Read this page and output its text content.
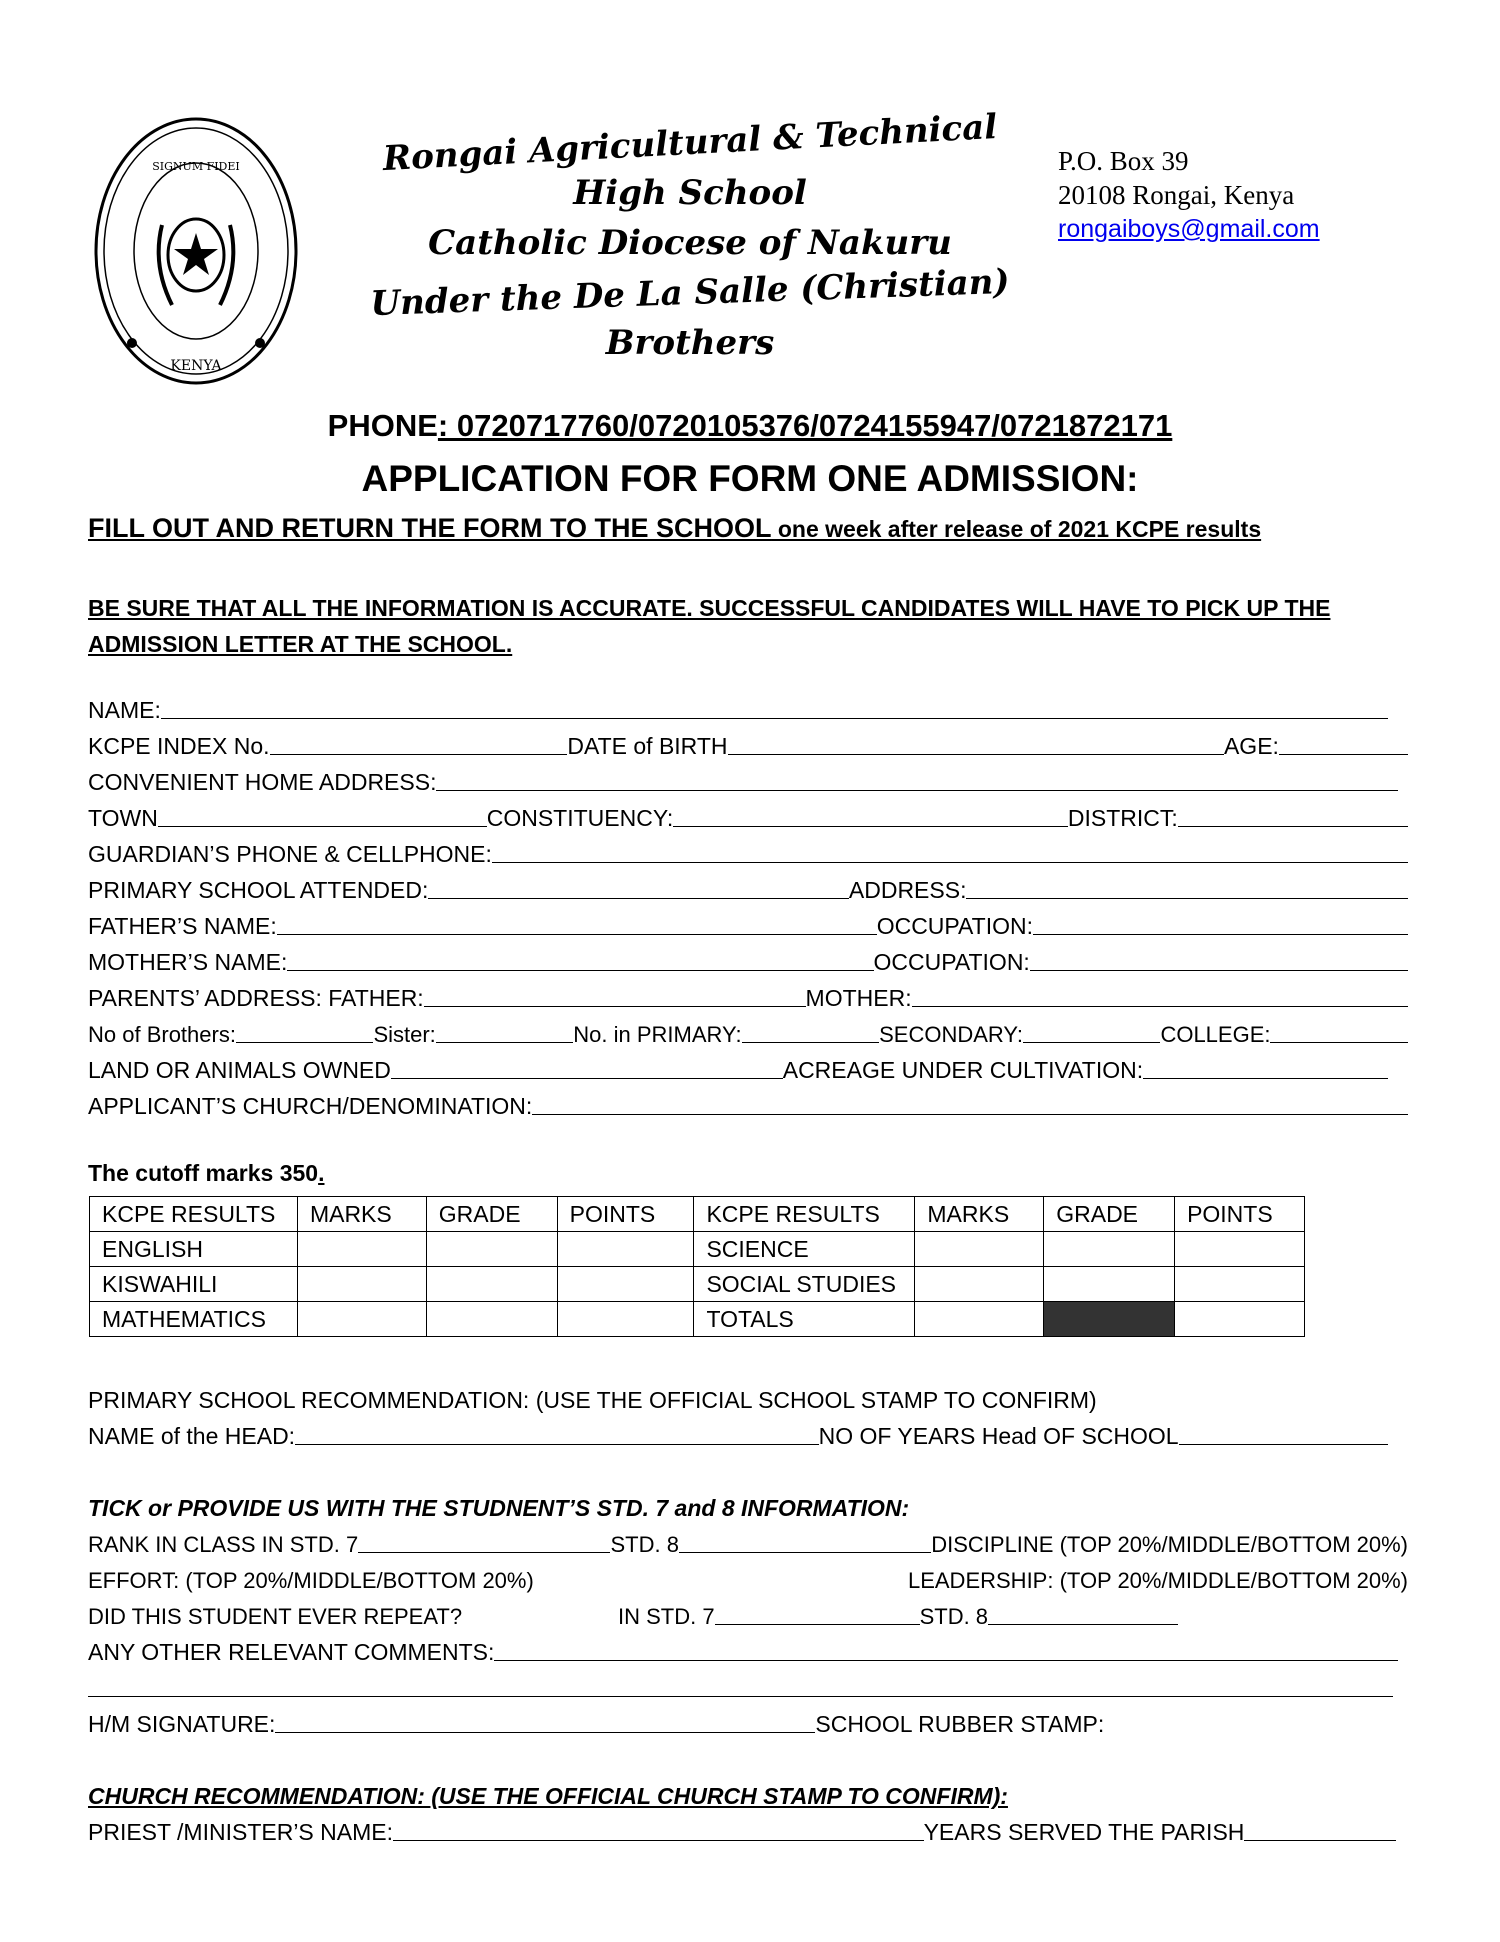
KENYA
SIGNUM FIDEI	Rongai Agricultural & Technical
High School
Catholic Diocese of Nakuru
Under the De La Salle (Christian)
Brothers
P.O. Box 39
20108 Rongai, Kenya
rongaiboys@gmail.com
PHONE: 0720717760/0720105376/0724155947/0721872171
APPLICATION FOR FORM ONE ADMISSION:
FILL OUT AND RETURN THE FORM TO THE SCHOOL one week after release of 2021 KCPE results
BE SURE THAT ALL THE INFORMATION IS ACCURATE. SUCCESSFUL CANDIDATES WILL HAVE TO PICK UP THE ADMISSION LETTER AT THE SCHOOL.
NAME:
KCPE INDEX No.	DATE of BIRTH	AGE:
CONVENIENT HOME ADDRESS:
TOWN	CONSTITUENCY:	DISTRICT:
GUARDIAN’S PHONE & CELLPHONE:
PRIMARY SCHOOL ATTENDED:	ADDRESS:
FATHER’S NAME:	OCCUPATION:
MOTHER’S NAME:	OCCUPATION:
PARENTS’ ADDRESS: FATHER:	MOTHER:
No of Brothers:	Sister:	No. in PRIMARY:	SECONDARY:	COLLEGE:
LAND OR ANIMALS OWNED	ACREAGE UNDER CULTIVATION:
APPLICANT’S CHURCH/DENOMINATION:
The cutoff marks 350.
KCPE RESULTS	MARKS	GRADE	POINTS	KCPE RESULTS	MARKS	GRADE	POINTS
ENGLISH				SCIENCE			
KISWAHILI				SOCIAL STUDIES			
MATHEMATICS				TOTALS			
PRIMARY SCHOOL RECOMMENDATION: (USE THE OFFICIAL SCHOOL STAMP TO CONFIRM)
NAME of the HEAD:	NO OF YEARS Head OF SCHOOL
TICK or PROVIDE US WITH THE STUDNENT’S STD. 7 and 8 INFORMATION:
RANK IN CLASS IN STD. 7	STD. 8	DISCIPLINE (TOP 20%/MIDDLE/BOTTOM 20%)
EFFORT: (TOP 20%/MIDDLE/BOTTOM 20%)	LEADERSHIP: (TOP 20%/MIDDLE/BOTTOM 20%)
DID THIS STUDENT EVER REPEAT?	IN STD. 7	STD. 8
ANY OTHER RELEVANT COMMENTS:
H/M SIGNATURE:	SCHOOL RUBBER STAMP:
CHURCH RECOMMENDATION: (USE THE OFFICIAL CHURCH STAMP TO CONFIRM):
PRIEST /MINISTER’S NAME:	YEARS SERVED THE PARISH
